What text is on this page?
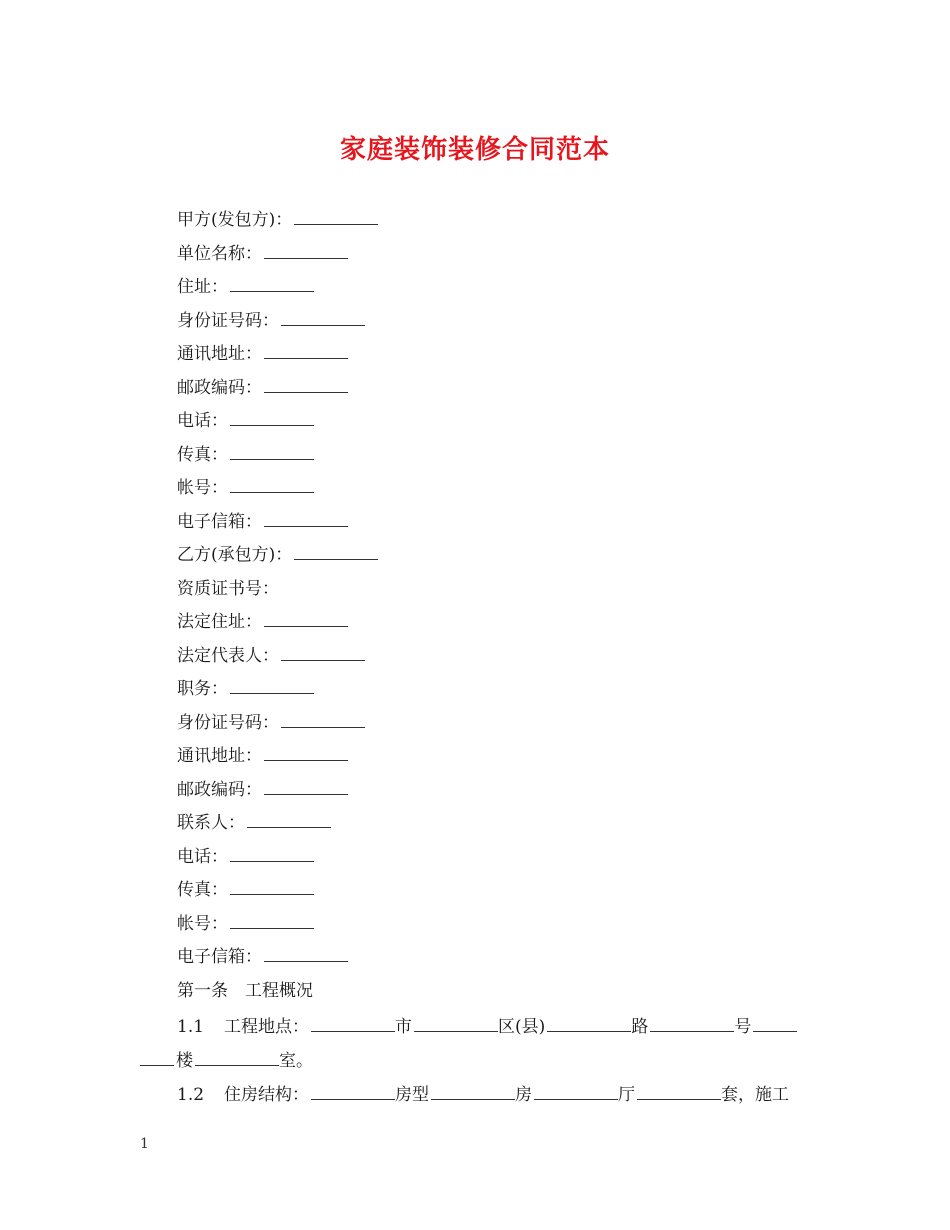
家庭装饰装修合同范本
甲方(发包方)：
单位名称：
住址：
身份证号码：
通讯地址：
邮政编码：
电话：
传真：
帐号：
电子信箱：
乙方(承包方)：
资质证书号：
法定住址：
法定代表人：
职务：
身份证号码：
通讯地址：
邮政编码：
联系人：
电话：
传真：
帐号：
电子信箱：
第一条　工程概况
1.1 工程地点：	市	区(县)	路	号
楼	室。
1.2 住房结构：	房型	房	厅	套，施工
1
